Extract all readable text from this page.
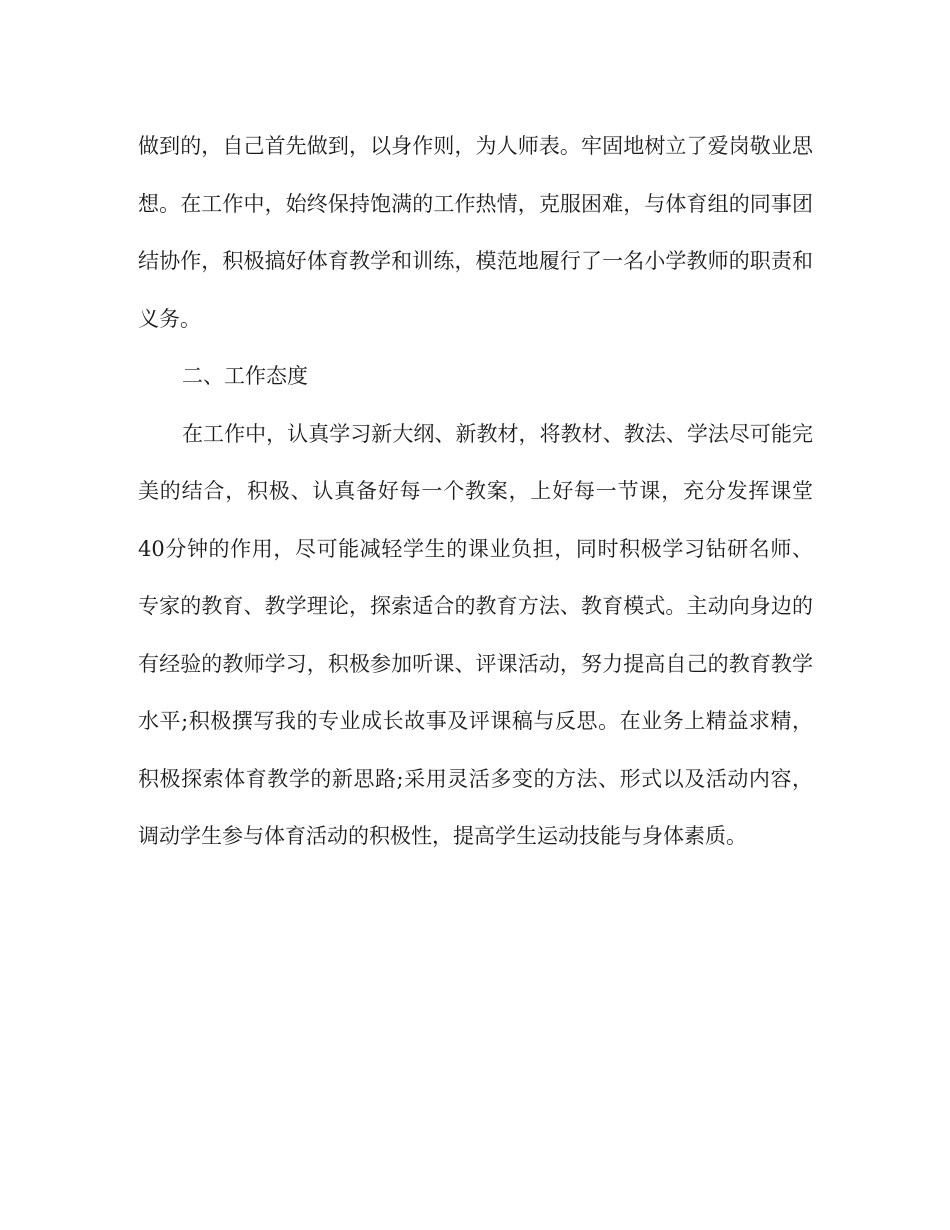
做到的，自己首先做到，以身作则，为人师表。牢固地树立了爱岗敬业思想。在工作中，始终保持饱满的工作热情，克服困难，与体育组的同事团结协作，积极搞好体育教学和训练，模范地履行了一名小学教师的职责和义务。

二、工作态度

在工作中，认真学习新大纲、新教材，将教材、教法、学法尽可能完美的结合，积极、认真备好每一个教案，上好每一节课，充分发挥课堂40分钟的作用，尽可能减轻学生的课业负担，同时积极学习钻研名师、专家的教育、教学理论，探索适合的教育方法、教育模式。主动向身边的有经验的教师学习，积极参加听课、评课活动，努力提高自己的教育教学水平;积极撰写我的专业成长故事及评课稿与反思。在业务上精益求精，积极探索体育教学的新思路;采用灵活多变的方法、形式以及活动内容，调动学生参与体育活动的积极性，提高学生运动技能与身体素质。
